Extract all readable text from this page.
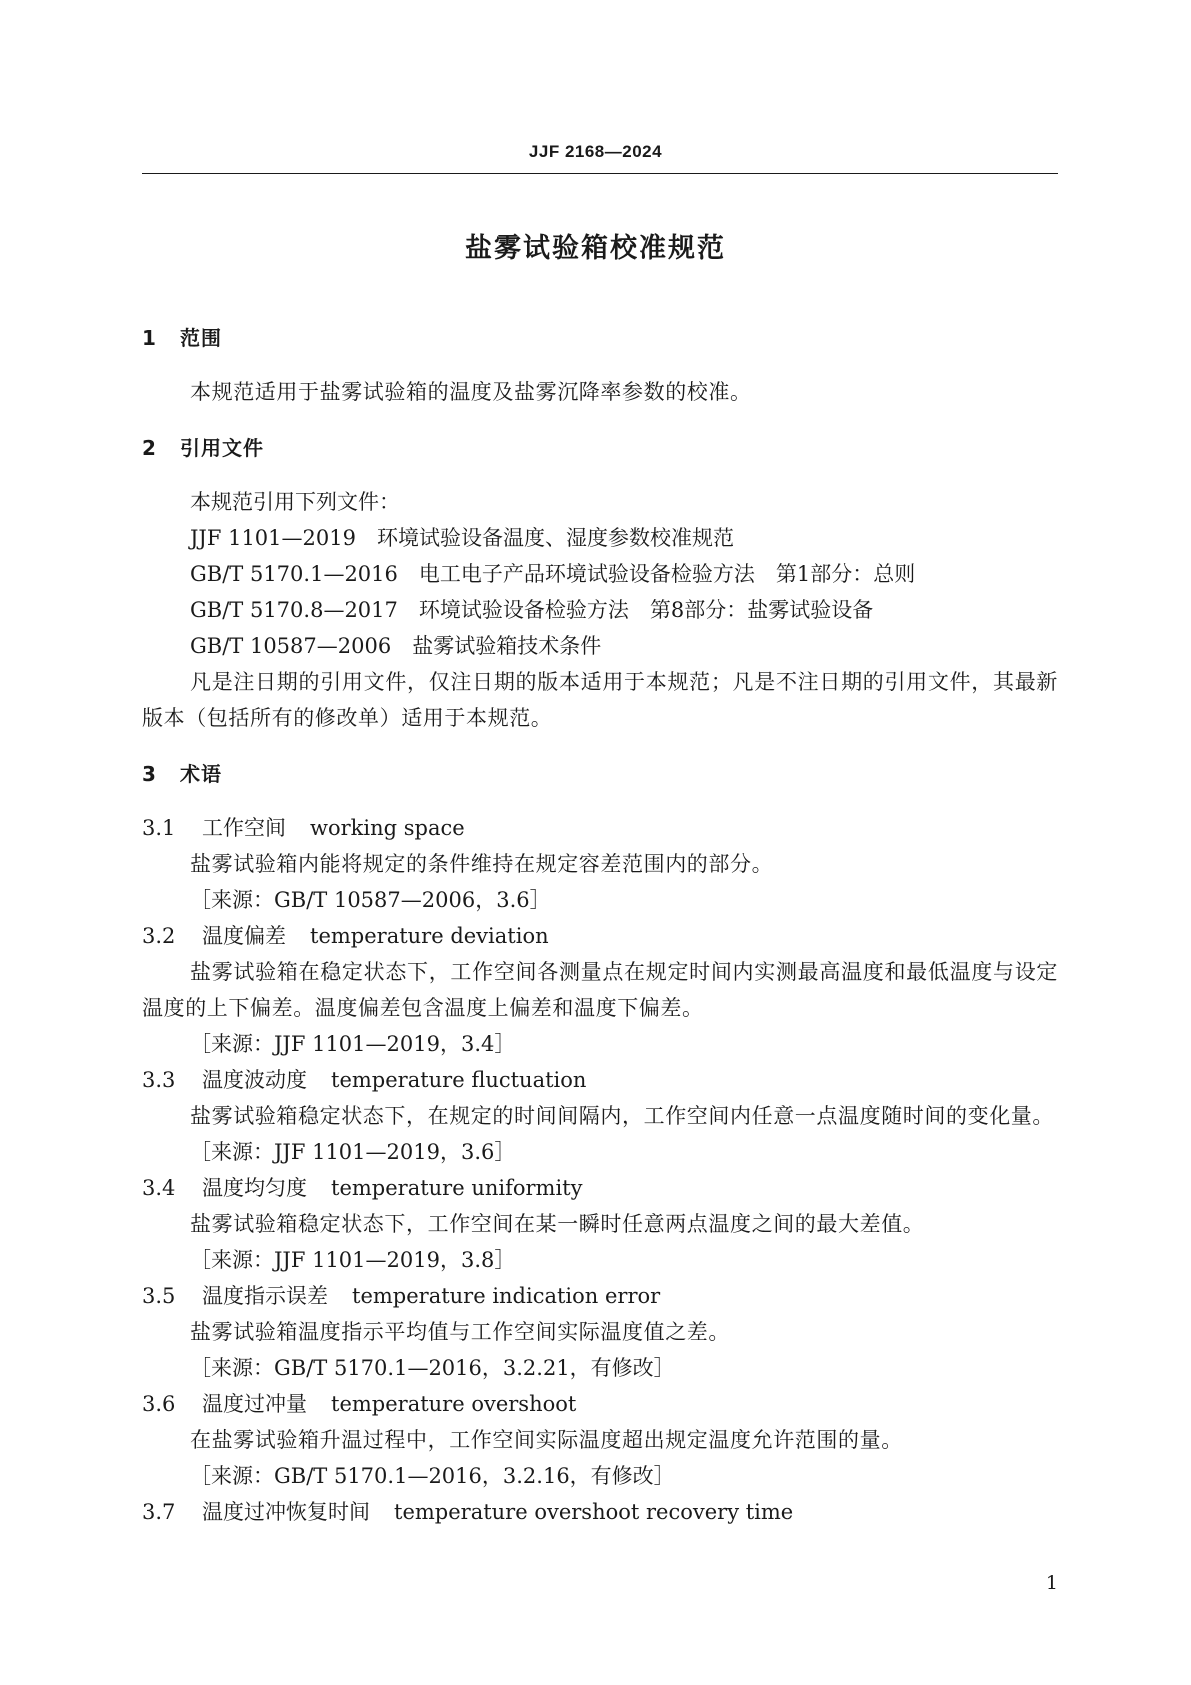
JJF 2168—2024
盐雾试验箱校准规范
1 范围
本规范适用于盐雾试验箱的温度及盐雾沉降率参数的校准。
2 引用文件
本规范引用下列文件：
JJF 1101—2019　环境试验设备温度、湿度参数校准规范
GB/T 5170.1—2016　电工电子产品环境试验设备检验方法　第1部分：总则
GB/T 5170.8—2017　环境试验设备检验方法　第8部分：盐雾试验设备
GB/T 10587—2006　盐雾试验箱技术条件
凡是注日期的引用文件，仅注日期的版本适用于本规范；凡是不注日期的引用文件，其最新版本（包括所有的修改单）适用于本规范。
3 术语
3.1 工作空间 working space
盐雾试验箱内能将规定的条件维持在规定容差范围内的部分。
［来源：GB/T 10587—2006，3.6］
3.2 温度偏差 temperature deviation
盐雾试验箱在稳定状态下，工作空间各测量点在规定时间内实测最高温度和最低温度与设定温度的上下偏差。温度偏差包含温度上偏差和温度下偏差。
［来源：JJF 1101—2019，3.4］
3.3 温度波动度 temperature fluctuation
盐雾试验箱稳定状态下，在规定的时间间隔内，工作空间内任意一点温度随时间的变化量。
［来源：JJF 1101—2019，3.6］
3.4 温度均匀度 temperature uniformity
盐雾试验箱稳定状态下，工作空间在某一瞬时任意两点温度之间的最大差值。
［来源：JJF 1101—2019，3.8］
3.5 温度指示误差 temperature indication error
盐雾试验箱温度指示平均值与工作空间实际温度值之差。
［来源：GB/T 5170.1—2016，3.2.21，有修改］
3.6 温度过冲量 temperature overshoot
在盐雾试验箱升温过程中，工作空间实际温度超出规定温度允许范围的量。
［来源：GB/T 5170.1—2016，3.2.16，有修改］
3.7 温度过冲恢复时间 temperature overshoot recovery time
1
